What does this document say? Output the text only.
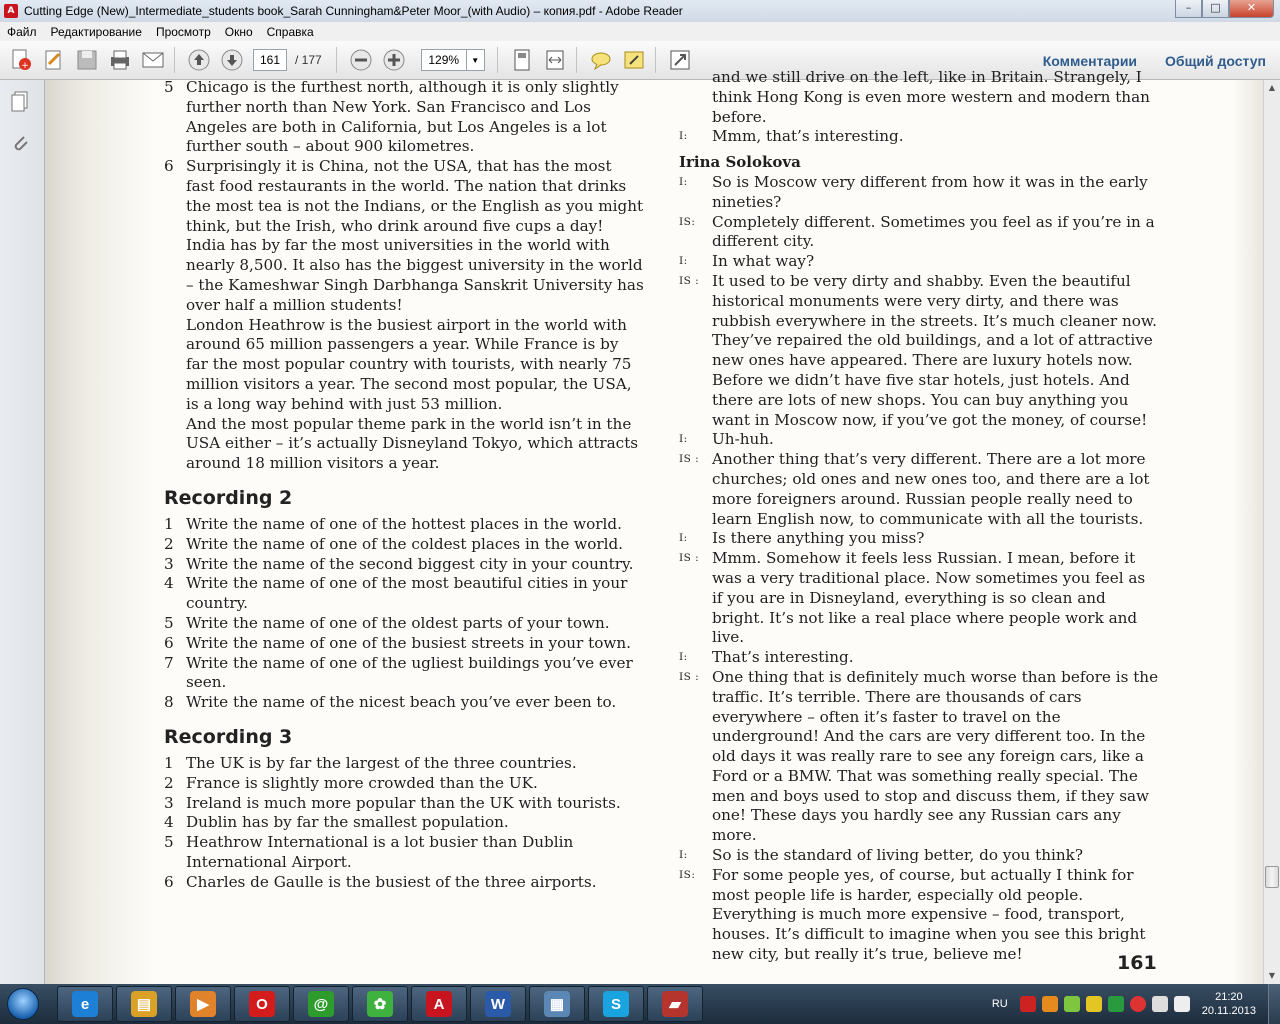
A Cutting Edge (New)_Intermediate_students book_Sarah Cunningham&Peter Moor_(with Audio) – копия.pdf - Adobe Reader	–	□	✕
Файл	Редактирование	Просмотр	Окно	Справка
+	161	/ 177	129%	▼	Комментарии Общий доступ
5 Chicago is the furthest north, although it is only slightly further north than New York. San Francisco and Los Angeles are both in California, but Los Angeles is a lot further south – about 900 kilometres.
6 Surprisingly it is China, not the USA, that has the most fast food restaurants in the world. The nation that drinks the most tea is not the Indians, or the English as you might think, but the Irish, who drink around five cups a day!
India has by far the most universities in the world with nearly 8,500. It also has the biggest university in the world – the Kameshwar Singh Darbhanga Sanskrit University has over half a million students!
London Heathrow is the busiest airport in the world with around 65 million passengers a year. While France is by far the most popular country with tourists, with nearly 75 million visitors a year. The second most popular, the USA, is a long way behind with just 53 million.
And the most popular theme park in the world isn’t in the USA either – it’s actually Disneyland Tokyo, which attracts around 18 million visitors a year.
Recording 2
1 Write the name of one of the hottest places in the world.
2 Write the name of one of the coldest places in the world.
3 Write the name of the second biggest city in your country.
4 Write the name of one of the most beautiful cities in your country.
5 Write the name of one of the oldest parts of your town.
6 Write the name of one of the busiest streets in your town.
7 Write the name of one of the ugliest buildings you’ve ever seen.
8 Write the name of the nicest beach you’ve ever been to.
Recording 3
1 The UK is by far the largest of the three countries.
2 France is slightly more crowded than the UK.
3 Ireland is much more popular than the UK with tourists.
4 Dublin has by far the smallest population.
5 Heathrow International is a lot busier than Dublin International Airport.
6 Charles de Gaulle is the busiest of the three airports.
and we still drive on the left, like in Britain. Strangely, I think Hong Kong is even more western and modern than before.
I: Mmm, that’s interesting.
Irina Solokova
I: So is Moscow very different from how it was in the early nineties?
IS: Completely different. Sometimes you feel as if you’re in a different city.
I: In what way?
IS : It used to be very dirty and shabby. Even the beautiful historical monuments were very dirty, and there was rubbish everywhere in the streets. It’s much cleaner now. They’ve repaired the old buildings, and a lot of attractive new ones have appeared. There are luxury hotels now. Before we didn’t have five star hotels, just hotels. And there are lots of new shops. You can buy anything you want in Moscow now, if you’ve got the money, of course!
I: Uh-huh.
IS : Another thing that’s very different. There are a lot more churches; old ones and new ones too, and there are a lot more foreigners around. Russian people really need to learn English now, to communicate with all the tourists.
I: Is there anything you miss?
IS : Mmm. Somehow it feels less Russian. I mean, before it was a very traditional place. Now sometimes you feel as if you are in Disneyland, everything is so clean and bright. It’s not like a real place where people work and live.
I: That’s interesting.
IS : One thing that is definitely much worse than before is the traffic. It’s terrible. There are thousands of cars everywhere – often it’s faster to travel on the underground! And the cars are very different too. In the old days it was really rare to see any foreign cars, like a Ford or a BMW. That was something really special. The men and boys used to stop and discuss them, if they saw one! These days you hardly see any Russian cars any more.
I: So is the standard of living better, do you think?
IS: For some people yes, of course, but actually I think for most people life is harder, especially old people. Everything is much more expensive – food, transport, houses. It’s difficult to imagine when you see this bright new city, but really it’s true, believe me!	161
▲
▼
e	▤	▶	O	@	✿	A	W	▦	S	▰	RU
21:20
20.11.2013
